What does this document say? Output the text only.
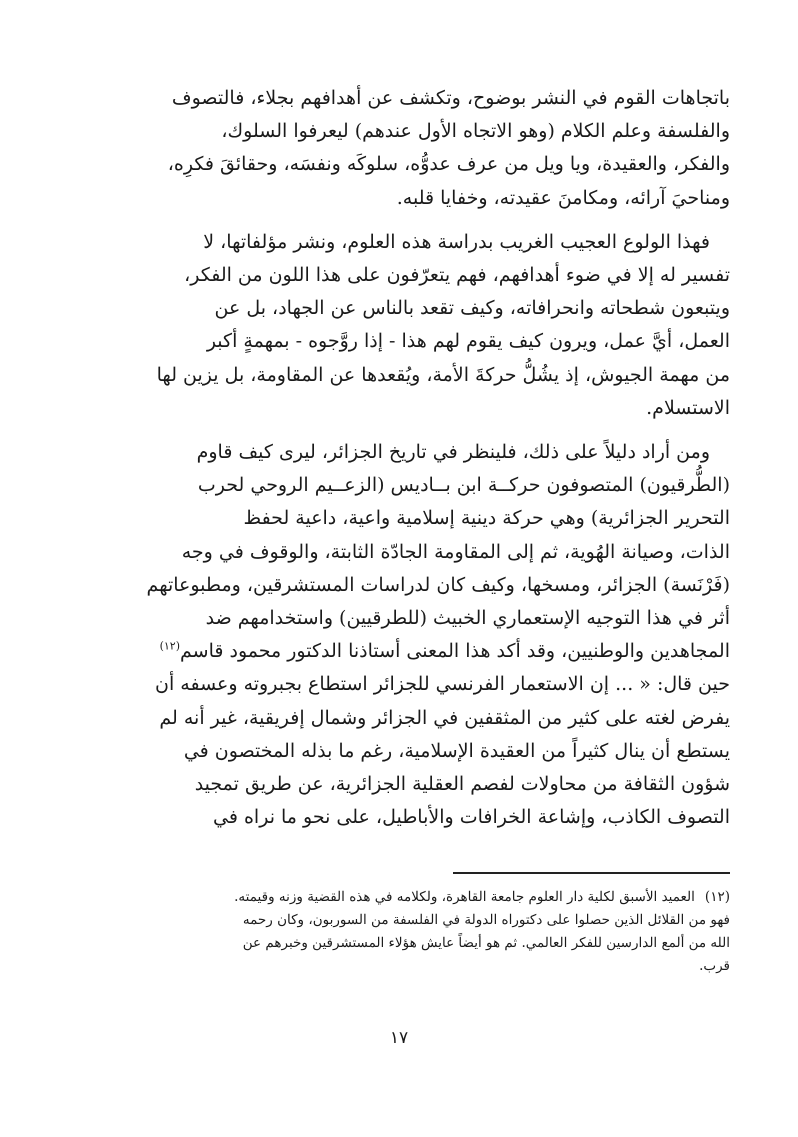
باتجاهات القوم في النشر بوضوح، وتكشف عن أهدافهم بجلاء، فالتصوف
والفلسفة وعلم الكلام (وهو الاتجاه الأول عندهم) ليعرفوا السلوك،
والفكر، والعقيدة، ويا ويل من عرف عدوُّه، سلوكَه ونفسَه، وحقائقَ فكرِه،
ومناحيَ آرائه، ومكامنَ عقيدته، وخفايا قلبه.

فهذا الولوع العجيب الغريب بدراسة هذه العلوم، ونشر مؤلفاتها، لا
تفسير له إلا في ضوء أهدافهم، فهم يتعرّفون على هذا اللون من الفكر،
ويتبعون شطحاته وانحرافاته، وكيف تقعد بالناس عن الجهاد، بل عن
العمل، أيَّ عمل، ويرون كيف يقوم لهم هذا - إذا روَّجوه - بمهمةٍ أكبر
من مهمة الجيوش، إذ يشُلُّ حركةَ الأمة، ويُقعدها عن المقاومة، بل يزين لها
الاستسلام.

ومن أراد دليلاً على ذلك، فلينظر في تاريخ الجزائر، ليرى كيف قاوم
(الطُّرقيون) المتصوفون حركــة ابن بــاديس (الزعــيم الروحي لحرب
التحرير الجزائرية) وهي حركة دينية إسلامية واعية، داعية لحفظ
الذات، وصيانة الهُوية، ثم إلى المقاومة الجادّة الثابتة، والوقوف في وجه
(فَرْنَسة) الجزائر، ومسخها، وكيف كان لدراسات المستشرقين، ومطبوعاتهم
أثر في هذا التوجيه الإستعماري الخبيث (للطرقيين) واستخدامهم ضد
المجاهدين والوطنيين، وقد أكد هذا المعنى أستاذنا الدكتور محمود قاسم$^{(١٢)}$
حين قال: « ... إن الاستعمار الفرنسي للجزائر استطاع بجبروته وعسفه أن
يفرض لغته على كثير من المثقفين في الجزائر وشمال إفريقية، غير أنه لم
يستطع أن ينال كثيراً من العقيدة الإسلامية، رغم ما بذله المختصون في
شؤون الثقافة من محاولات لفصم العقلية الجزائرية، عن طريق تمجيد
التصوف الكاذب، وإشاعة الخرافات والأباطيل، على نحو ما نراه في

(١٢)العميد الأسبق لكلية دار العلوم جامعة القاهرة، ولكلامه في هذه القضية وزنه وقيمته.
فهو من القلائل الذين حصلوا على دكتوراه الدولة في الفلسفة من السوربون، وكان رحمه
الله من ألمع الدارسين للفكر العالمي. ثم هو أيضاً عايش هؤلاء المستشرقين وخبرهم عن
قرب.

١٧
